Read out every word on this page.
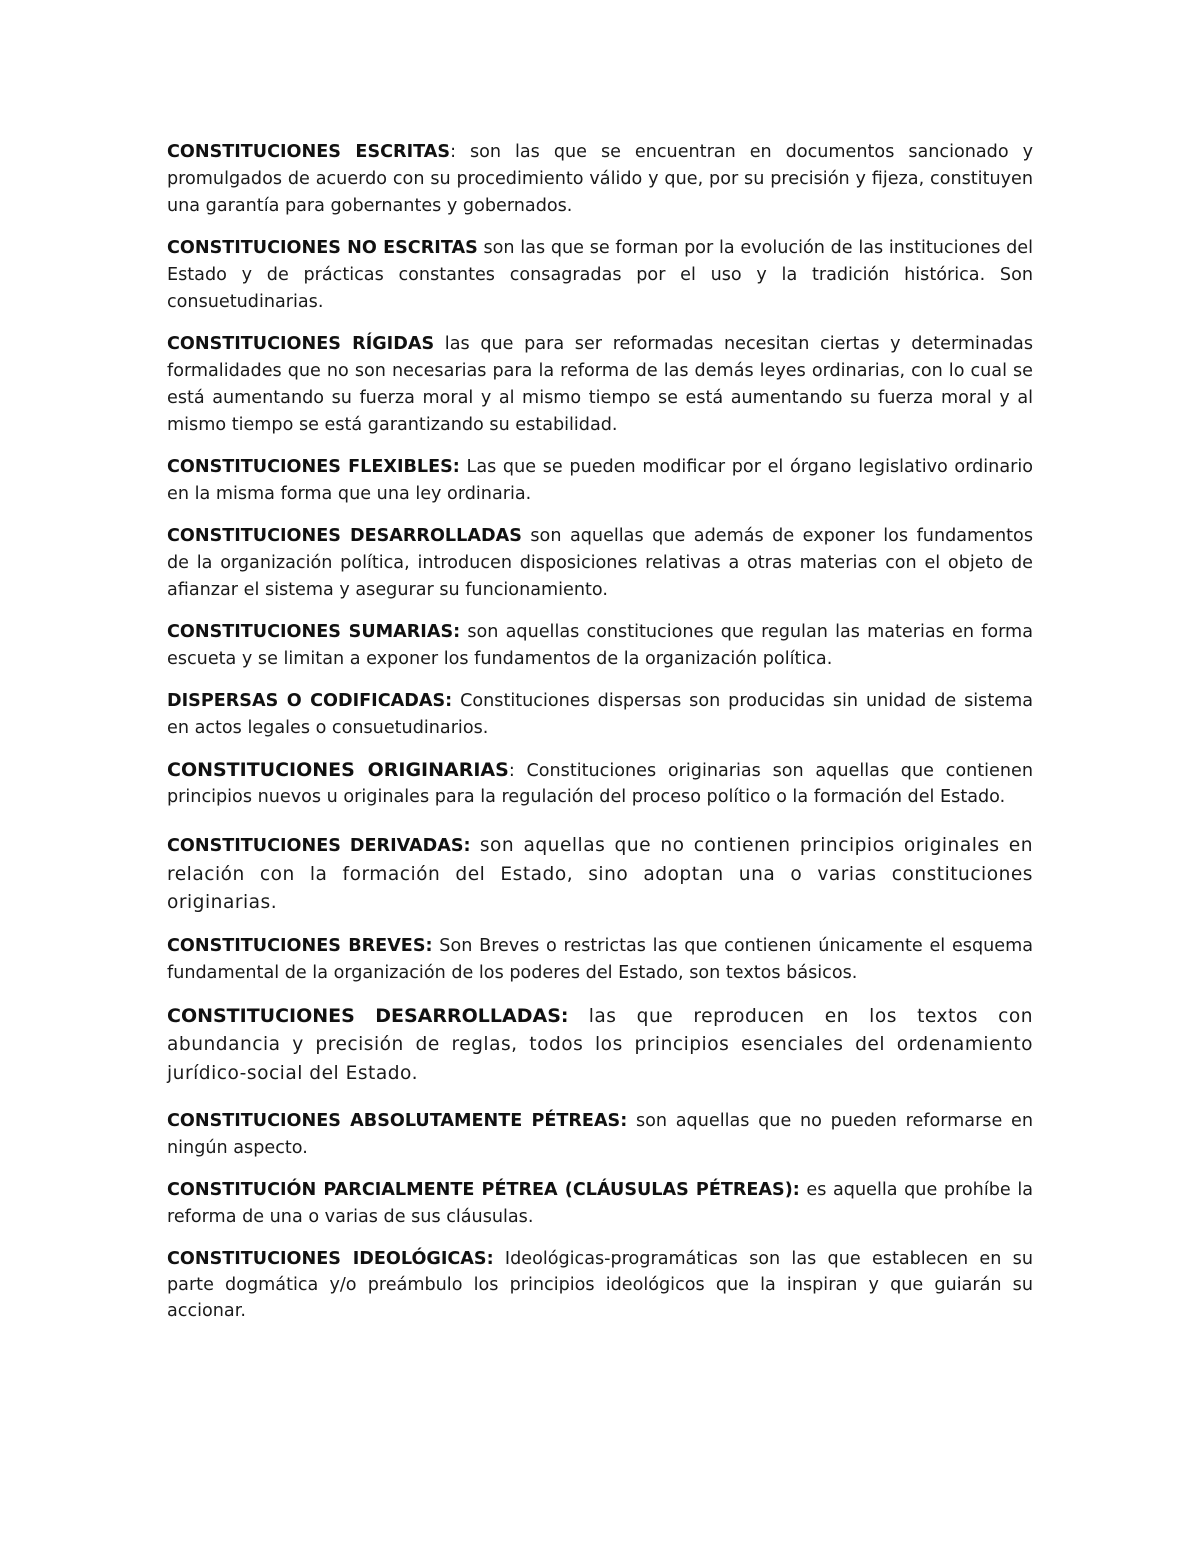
CONSTITUCIONES ESCRITAS: son las que se encuentran en documentos sancionado y promulgados de acuerdo con su procedimiento válido y que, por su precisión y fijeza, constituyen una garantía para gobernantes y gobernados.

CONSTITUCIONES NO ESCRITAS son las que se forman por la evolución de las instituciones del Estado y de prácticas constantes consagradas por el uso y la tradición histórica. Son consuetudinarias.

CONSTITUCIONES RÍGIDAS las que para ser reformadas necesitan ciertas y determinadas formalidades que no son necesarias para la reforma de las demás leyes ordinarias, con lo cual se está aumentando su fuerza moral y al mismo tiempo se está aumentando su fuerza moral y al mismo tiempo se está garantizando su estabilidad.

CONSTITUCIONES FLEXIBLES: Las que se pueden modificar por el órgano legislativo ordinario en la misma forma que una ley ordinaria.

CONSTITUCIONES DESARROLLADAS son aquellas que además de exponer los fundamentos de la organización política, introducen disposiciones relativas a otras materias con el objeto de afianzar el sistema y asegurar su funcionamiento.

CONSTITUCIONES SUMARIAS: son aquellas constituciones que regulan las materias en forma escueta y se limitan a exponer los fundamentos de la organización política.

DISPERSAS O CODIFICADAS: Constituciones dispersas son producidas sin unidad de sistema en actos legales o consuetudinarios.

CONSTITUCIONES ORIGINARIAS: Constituciones originarias son aquellas que contienen principios nuevos u originales para la regulación del proceso político o la formación del Estado.

CONSTITUCIONES DERIVADAS: son aquellas que no contienen principios originales en relación con la formación del Estado, sino adoptan una o varias constituciones originarias.

CONSTITUCIONES BREVES: Son Breves o restrictas las que contienen únicamente el esquema fundamental de la organización de los poderes del Estado, son textos básicos.

CONSTITUCIONES DESARROLLADAS: las que reproducen en los textos con abundancia y precisión de reglas, todos los principios esenciales del ordenamiento jurídico-social del Estado.

CONSTITUCIONES ABSOLUTAMENTE PÉTREAS: son aquellas que no pueden reformarse en ningún aspecto.

CONSTITUCIÓN PARCIALMENTE PÉTREA (CLÁUSULAS PÉTREAS): es aquella que prohíbe la reforma de una o varias de sus cláusulas.

CONSTITUCIONES IDEOLÓGICAS: Ideológicas-programáticas son las que establecen en su parte dogmática y/o preámbulo los principios ideológicos que la inspiran y que guiarán su accionar.
